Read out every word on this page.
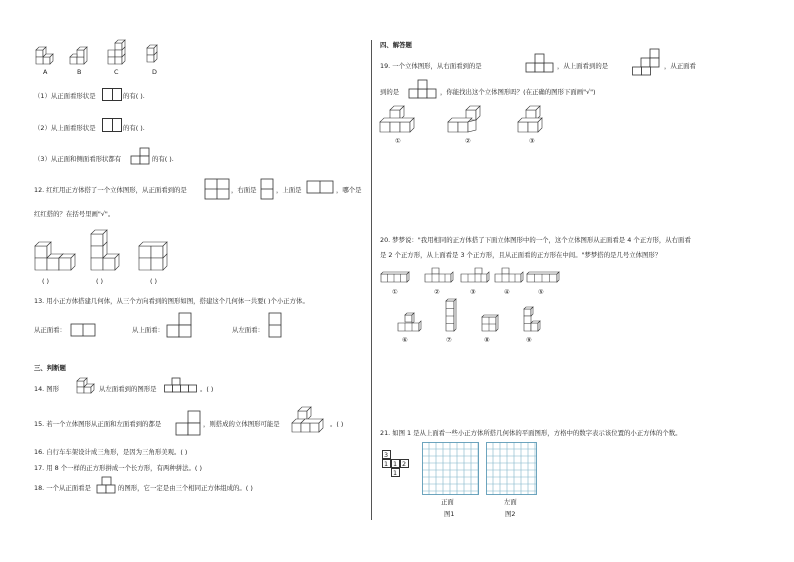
A	B	C	D
（1）从正面看形状是	的有( ).
（2）从上面看形状是	的有( ).
（3）从正面和侧面看形状都有	的有( ).
12. 红红用正方体搭了一个立体图形，从正面看到的是	，右面是	，上面是	，哪个是
红红搭的？在括号里画"√"。
( )	( )	( )
13. 用小正方体搭建几何体，从三个方向看到的图形如图，搭建这个几何体一共要( )个小正方体。
从正面看：	从上面看：	从左面看：
三、判断题
14. 图形	从左面看到的图形是	。( )
15. 若一个立体图形从正面和左面看到的都是	，则搭成的立体图形可能是	。( )
16. 自行车车架设计成三角形，是因为三角形美观。( )
17. 用 8 个一样的正方形拼成一个长方形，有两种拼法。( )
18. 一个从正面看是	的图形，它一定是由三个相同正方体组成的。( )
四、解答题
19. 一个立体图形，从右面看到的是	，从上面看到的是	，从正面看
到的是	，你能找出这个立体图形吗？(在正确的图形下面画"√")
①	②	③
20. 梦梦说："我用相同的正方体搭了下面立体图形中的一个，这个立体图形从正面看是 4 个正方形，从右面看
是 2 个正方形，从上面看是 3 个正方形，且从正面看的正方形在中间。"梦梦搭的是几号立体图形？
①	②	③	④	⑤
⑥	⑦	⑧	⑨
21. 如图 1 是从上面看一些小正方体所搭几何体的平面图形，方格中的数字表示该位置的小正方体的个数。
3
1 1 2
1
正面	左面
图1	图2
